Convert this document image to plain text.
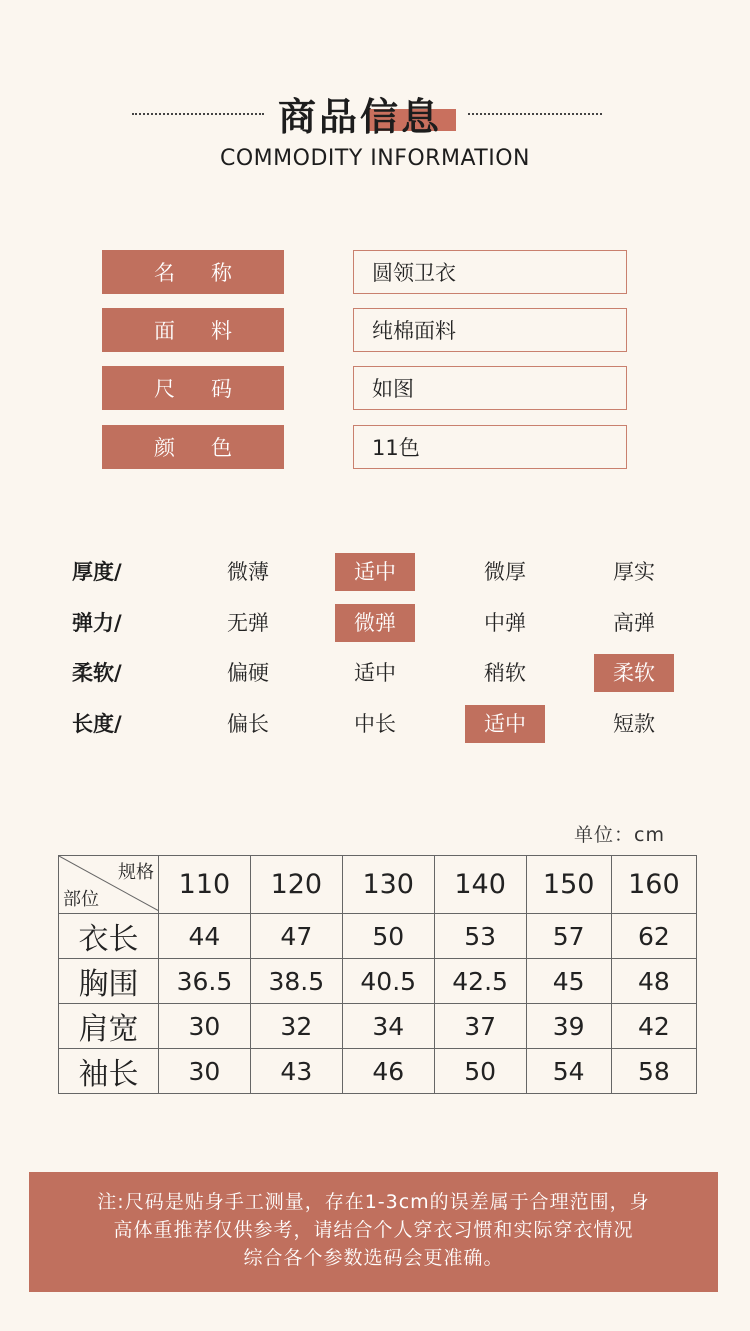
商品信息
COMMODITY INFORMATION
名称	圆领卫衣
面料	纯棉面料
尺码	如图
颜色	11色
厚度/	微薄	适中	微厚	厚实
弹力/	无弹	微弹	中弹	高弹
柔软/	偏硬	适中	稍软	柔软
长度/	偏长	中长	适中	短款
单位：cm
规格
部位	110	120	130	140	150	160
衣长	44	47	50	53	57	62
胸围	36.5	38.5	40.5	42.5	45	48
肩宽	30	32	34	37	39	42
袖长	30	43	46	50	54	58
注:尺码是贴身手工测量，存在1-3cm的误差属于合理范围，身
高体重推荐仅供参考，请结合个人穿衣习惯和实际穿衣情况
综合各个参数选码会更准确。
